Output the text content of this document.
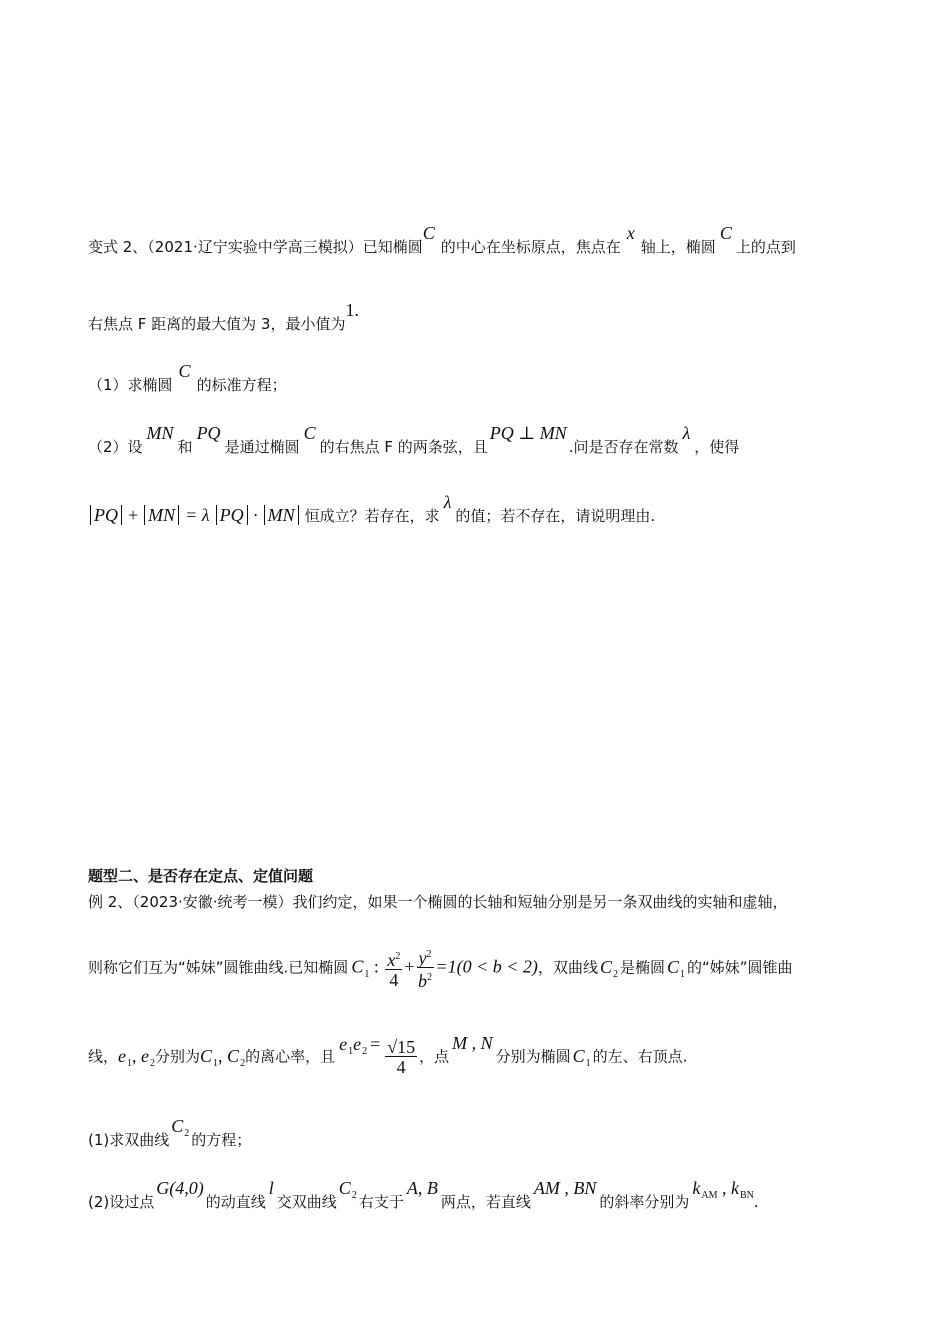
变式 2、（2021·辽宁实验中学高三模拟）已知椭圆C的中心在坐标原点，焦点在x轴上，椭圆C上的点到
右焦点 F 距离的最大值为 3，最小值为1.
（1）求椭圆C的标准方程；
（2）设MN和PQ是通过椭圆C的右焦点 F 的两条弦，且PQ ⊥ MN.问是否存在常数λ，使得
PQ + MN = λ PQ · MN 恒成立？若存在，求λ的值；若不存在，请说明理由.
题型二、是否存在定点、定值问题
例 2、（2023·安徽·统考一模）我们约定，如果一个椭圆的长轴和短轴分别是另一条双曲线的实轴和虚轴，
则称它们互为“姊妹”圆锥曲线.已知椭圆 $C_1$ : $\frac{x^2}{4} + \frac{y^2}{b^2} =1(0 < b < 2)$，双曲线 $C_2$ 是椭圆 $C_1$ 的“姊妹”圆锥曲
线，$e_1$, $e_2$分别为$C_1$, $C_2$的离心率，且$e_1e_2 = \frac{√15}{4}$ ，点M , N分别为椭圆 $C_1$ 的左、右顶点.
(1)求双曲线$C_2$ 的方程；
(2)设过点G(4,0)的动直线l交双曲线$C_2$ 右支于A, B两点，若直线AM , BN的斜率分别为$k_{AM}$ , $k_{BN}$.
